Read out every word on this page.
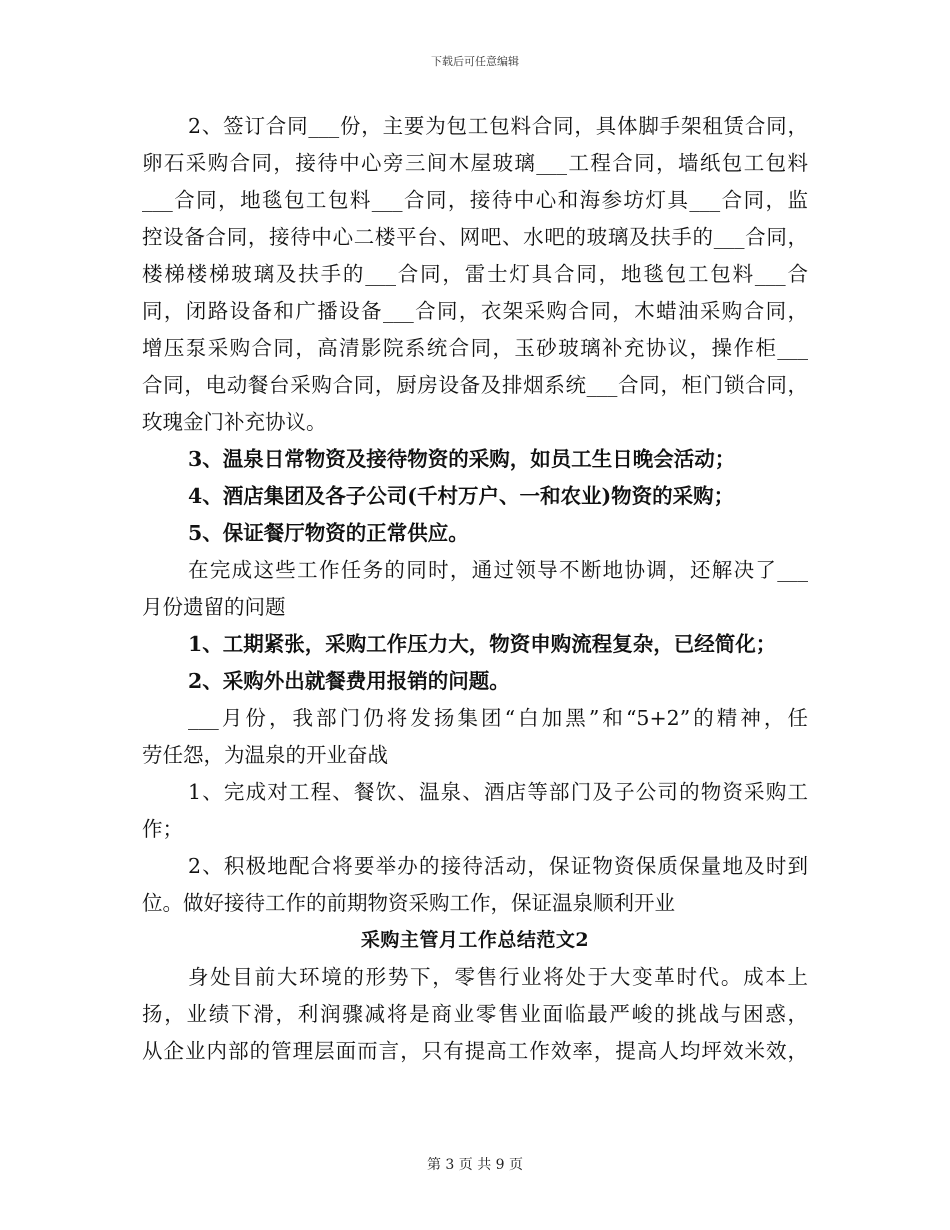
下载后可任意编辑
2、签订合同___份，主要为包工包料合同，具体脚手架租赁合同，
卵石采购合同，接待中心旁三间木屋玻璃___工程合同，墙纸包工包料
___合同，地毯包工包料___合同，接待中心和海参坊灯具___合同，监
控设备合同，接待中心二楼平台、网吧、水吧的玻璃及扶手的___合同，
楼梯楼梯玻璃及扶手的___合同，雷士灯具合同，地毯包工包料___合
同，闭路设备和广播设备___合同，衣架采购合同，木蜡油采购合同，
增压泵采购合同，高清影院系统合同，玉砂玻璃补充协议，操作柜___
合同，电动餐台采购合同，厨房设备及排烟系统___合同，柜门锁合同，
玫瑰金门补充协议。
3、温泉日常物资及接待物资的采购，如员工生日晚会活动；
4、酒店集团及各子公司(千村万户、一和农业)物资的采购；
5、保证餐厅物资的正常供应。
在完成这些工作任务的同时，通过领导不断地协调，还解决了___
月份遗留的问题
1、工期紧张，采购工作压力大，物资申购流程复杂，已经简化；
2、采购外出就餐费用报销的问题。
___月份，我部门仍将发扬集团“白加黑”和“5+2”的精神，任
劳任怨，为温泉的开业奋战
1、完成对工程、餐饮、温泉、酒店等部门及子公司的物资采购工
作；
2、积极地配合将要举办的接待活动，保证物资保质保量地及时到
位。做好接待工作的前期物资采购工作，保证温泉顺利开业
采购主管月工作总结范文2
身处目前大环境的形势下，零售行业将处于大变革时代。成本上
扬，业绩下滑，利润骤减将是商业零售业面临最严峻的挑战与困惑，
从企业内部的管理层面而言，只有提高工作效率，提高人均坪效米效，
第 3 页 共 9 页
